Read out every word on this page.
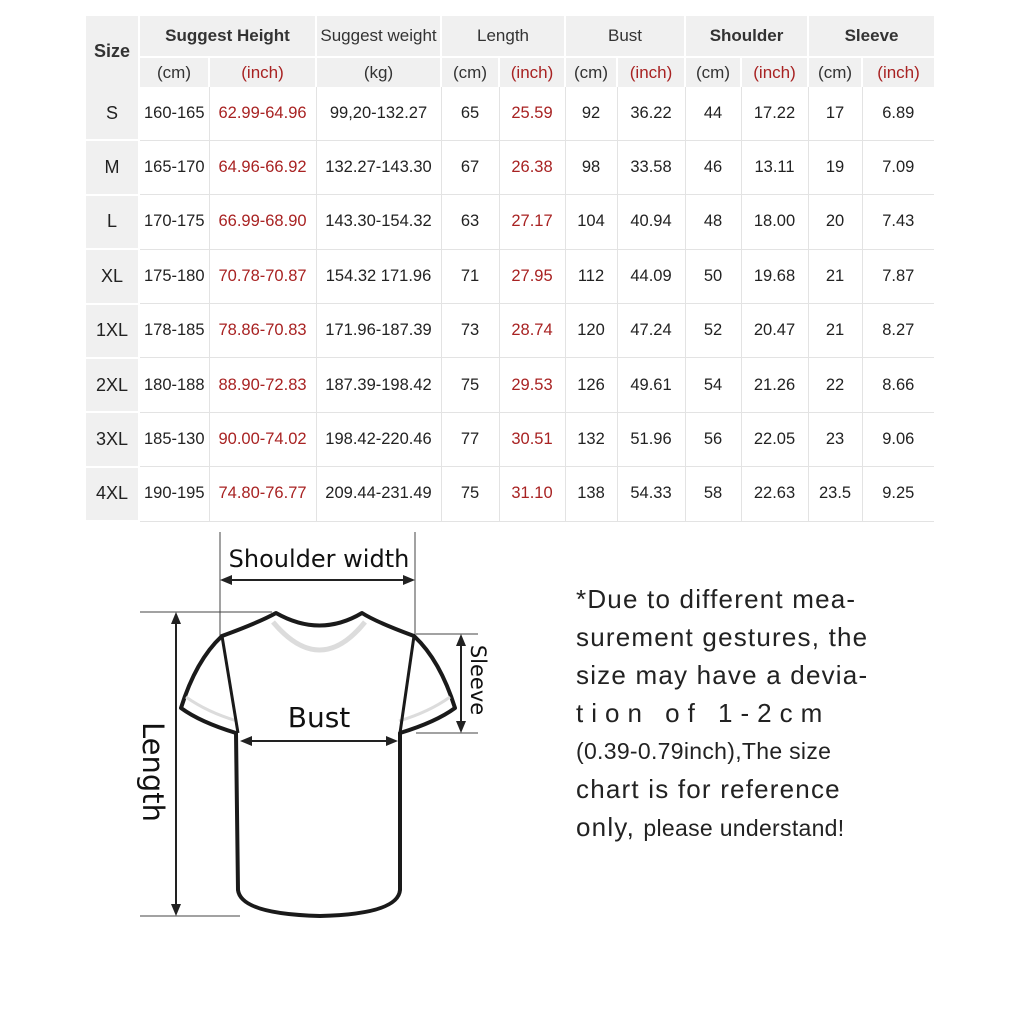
Size	Suggest Height		Suggest weight	Length		Bust		Shoulder		Sleeve	
	(cm)	(inch)	(kg)	(cm)	(inch)	(cm)	(inch)	(cm)	(inch)	(cm)	(inch)
S	160-165	62.99-64.96	99,20-132.27	65	25.59	92	36.22	44	17.22	17	6.89
M	165-170	64.96-66.92	132.27-143.30	67	26.38	98	33.58	46	13.11	19	7.09
L	170-175	66.99-68.90	143.30-154.32	63	27.17	104	40.94	48	18.00	20	7.43
XL	175-180	70.78-70.87	154.32 171.96	71	27.95	112	44.09	50	19.68	21	7.87
1XL	178-185	78.86-70.83	171.96-187.39	73	28.74	120	47.24	52	20.47	21	8.27
2XL	180-188	88.90-72.83	187.39-198.42	75	29.53	126	49.61	54	21.26	22	8.66
3XL	185-130	90.00-74.02	198.42-220.46	77	30.51	132	51.96	56	22.05	23	9.06
4XL	190-195	74.80-76.77	209.44-231.49	75	31.10	138	54.33	58	22.63	23.5	9.25
Shoulder width
Bust
Length
Sleeve

*Due to different mea-

surement gestures, the

size may have a devia-

tion of 1-2cm

(0.39-0.79inch),The size

chart is for reference

only, please understand!
